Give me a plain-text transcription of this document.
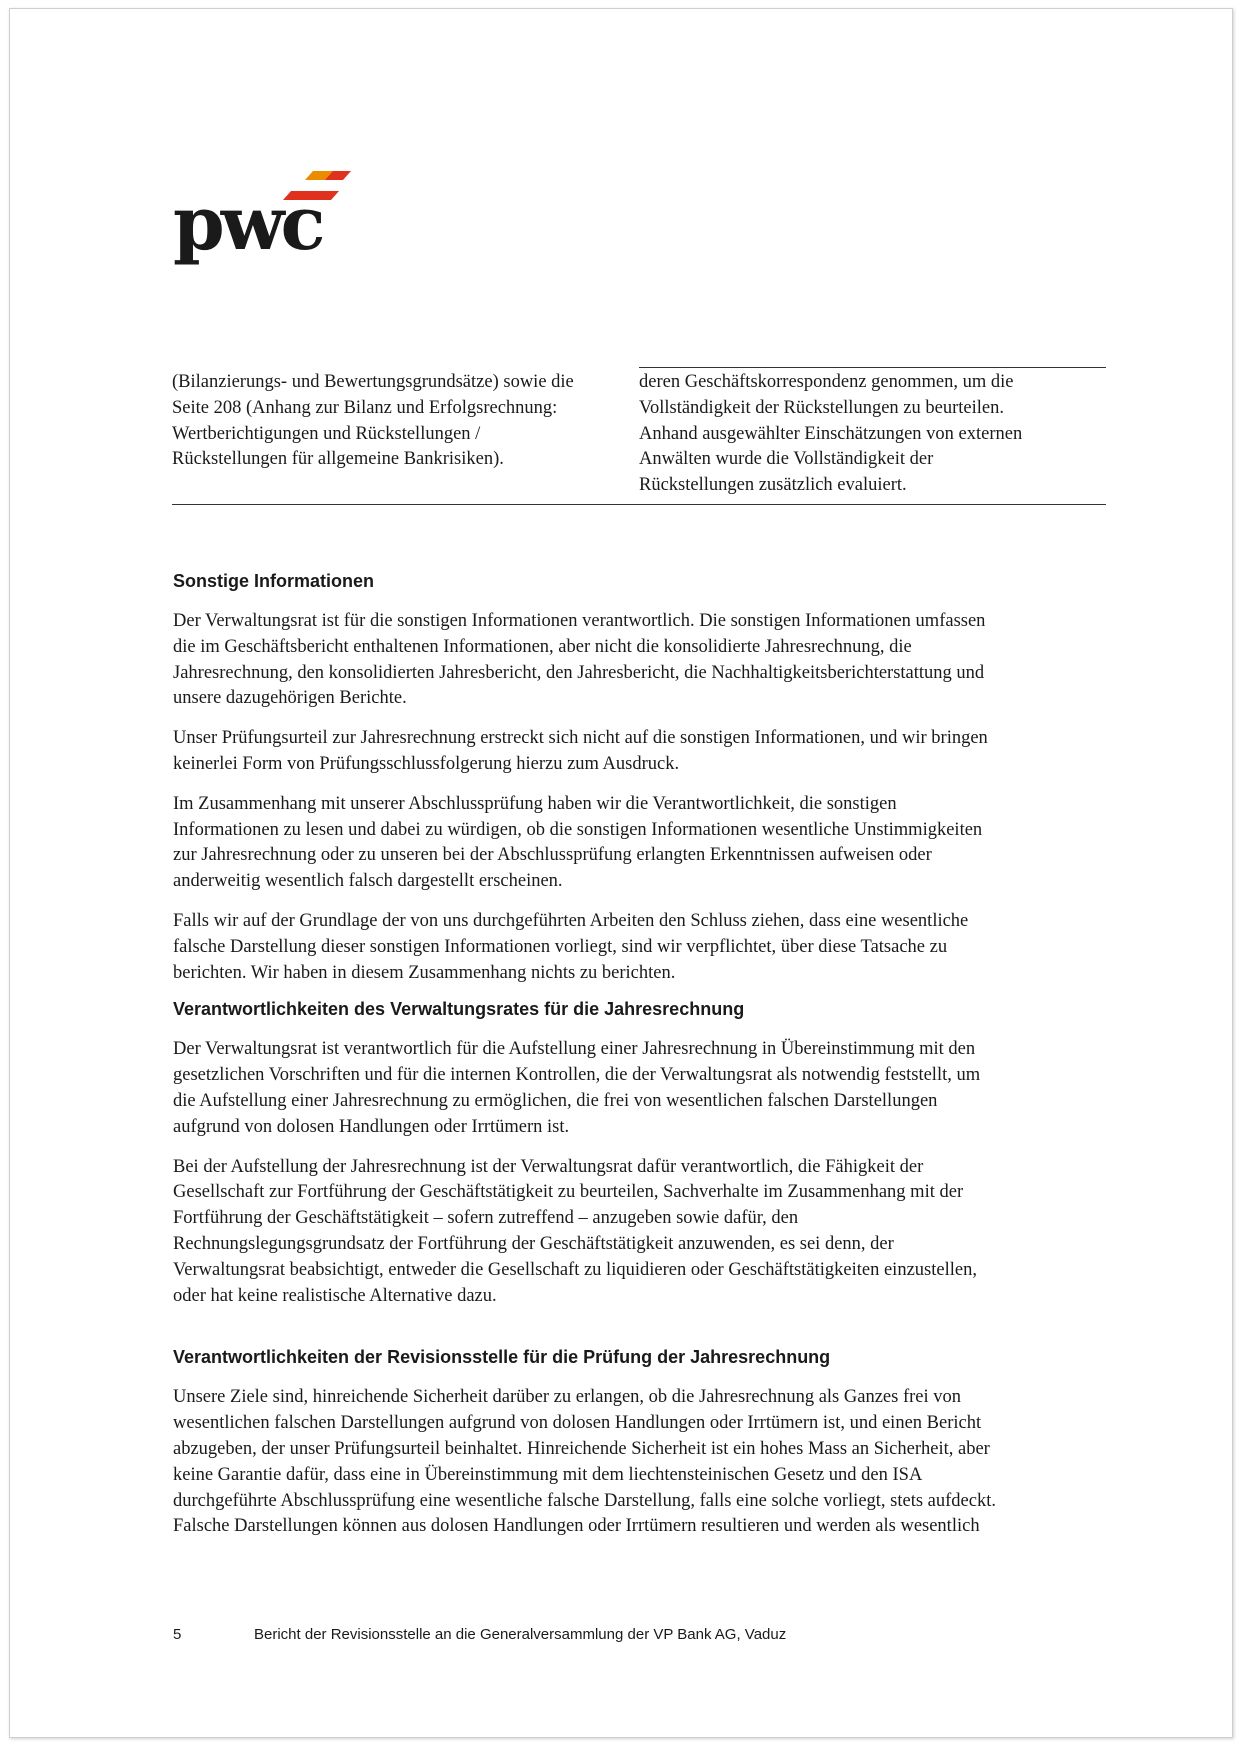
pwc
(Bilanzierungs- und Bewertungsgrundsätze) sowie die
Seite 208 (Anhang zur Bilanz und Erfolgsrechnung:
Wertberichtigungen und Rückstellungen /
Rückstellungen für allgemeine Bankrisiken).
deren Geschäftskorrespondenz genommen, um die
Vollständigkeit der Rückstellungen zu beurteilen.
Anhand ausgewählter Einschätzungen von externen
Anwälten wurde die Vollständigkeit der
Rückstellungen zusätzlich evaluiert.
Sonstige Informationen

Der Verwaltungsrat ist für die sonstigen Informationen verantwortlich. Die sonstigen Informationen umfassen
die im Geschäftsbericht enthaltenen Informationen, aber nicht die konsolidierte Jahresrechnung, die
Jahresrechnung, den konsolidierten Jahresbericht, den Jahresbericht, die Nachhaltigkeitsberichterstattung und
unsere dazugehörigen Berichte.

Unser Prüfungsurteil zur Jahresrechnung erstreckt sich nicht auf die sonstigen Informationen, und wir bringen
keinerlei Form von Prüfungsschlussfolgerung hierzu zum Ausdruck.

Im Zusammenhang mit unserer Abschlussprüfung haben wir die Verantwortlichkeit, die sonstigen
Informationen zu lesen und dabei zu würdigen, ob die sonstigen Informationen wesentliche Unstimmigkeiten
zur Jahresrechnung oder zu unseren bei der Abschlussprüfung erlangten Erkenntnissen aufweisen oder
anderweitig wesentlich falsch dargestellt erscheinen.

Falls wir auf der Grundlage der von uns durchgeführten Arbeiten den Schluss ziehen, dass eine wesentliche
falsche Darstellung dieser sonstigen Informationen vorliegt, sind wir verpflichtet, über diese Tatsache zu
berichten. Wir haben in diesem Zusammenhang nichts zu berichten.

Verantwortlichkeiten des Verwaltungsrates für die Jahresrechnung

Der Verwaltungsrat ist verantwortlich für die Aufstellung einer Jahresrechnung in Übereinstimmung mit den
gesetzlichen Vorschriften und für die internen Kontrollen, die der Verwaltungsrat als notwendig feststellt, um
die Aufstellung einer Jahresrechnung zu ermöglichen, die frei von wesentlichen falschen Darstellungen
aufgrund von dolosen Handlungen oder Irrtümern ist.

Bei der Aufstellung der Jahresrechnung ist der Verwaltungsrat dafür verantwortlich, die Fähigkeit der
Gesellschaft zur Fortführung der Geschäftstätigkeit zu beurteilen, Sachverhalte im Zusammenhang mit der
Fortführung der Geschäftstätigkeit – sofern zutreffend – anzugeben sowie dafür, den
Rechnungslegungsgrundsatz der Fortführung der Geschäftstätigkeit anzuwenden, es sei denn, der
Verwaltungsrat beabsichtigt, entweder die Gesellschaft zu liquidieren oder Geschäftstätigkeiten einzustellen,
oder hat keine realistische Alternative dazu.

Verantwortlichkeiten der Revisionsstelle für die Prüfung der Jahresrechnung

Unsere Ziele sind, hinreichende Sicherheit darüber zu erlangen, ob die Jahresrechnung als Ganzes frei von
wesentlichen falschen Darstellungen aufgrund von dolosen Handlungen oder Irrtümern ist, und einen Bericht
abzugeben, der unser Prüfungsurteil beinhaltet. Hinreichende Sicherheit ist ein hohes Mass an Sicherheit, aber
keine Garantie dafür, dass eine in Übereinstimmung mit dem liechtensteinischen Gesetz und den ISA
durchgeführte Abschlussprüfung eine wesentliche falsche Darstellung, falls eine solche vorliegt, stets aufdeckt.
Falsche Darstellungen können aus dolosen Handlungen oder Irrtümern resultieren und werden als wesentlich

5	Bericht der Revisionsstelle an die Generalversammlung der VP Bank AG, Vaduz
